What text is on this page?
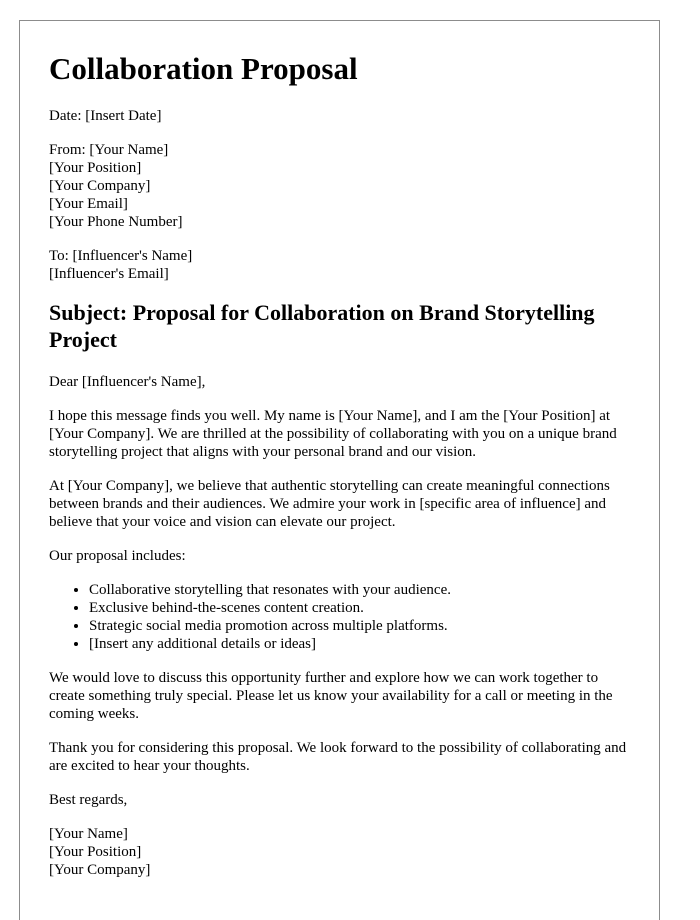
Collaboration Proposal

Date: [Insert Date]

From: [Your Name]
[Your Position]
[Your Company]
[Your Email]
[Your Phone Number]
To: [Influencer's Name]
[Influencer's Email]
Subject: Proposal for Collaboration on Brand Storytelling Project

Dear [Influencer's Name],

I hope this message finds you well. My name is [Your Name], and I am the [Your Position] at [Your Company]. We are thrilled at the possibility of collaborating with you on a unique brand storytelling project that aligns with your personal brand and our vision.

At [Your Company], we believe that authentic storytelling can create meaningful connections between brands and their audiences. We admire your work in [specific area of influence] and believe that your voice and vision can elevate our project.

Our proposal includes:

• Collaborative storytelling that resonates with your audience.
• Exclusive behind-the-scenes content creation.
• Strategic social media promotion across multiple platforms.
• [Insert any additional details or ideas]

We would love to discuss this opportunity further and explore how we can work together to create something truly special. Please let us know your availability for a call or meeting in the coming weeks.

Thank you for considering this proposal. We look forward to the possibility of collaborating and are excited to hear your thoughts.

Best regards,

[Your Name]
[Your Position]
[Your Company]
